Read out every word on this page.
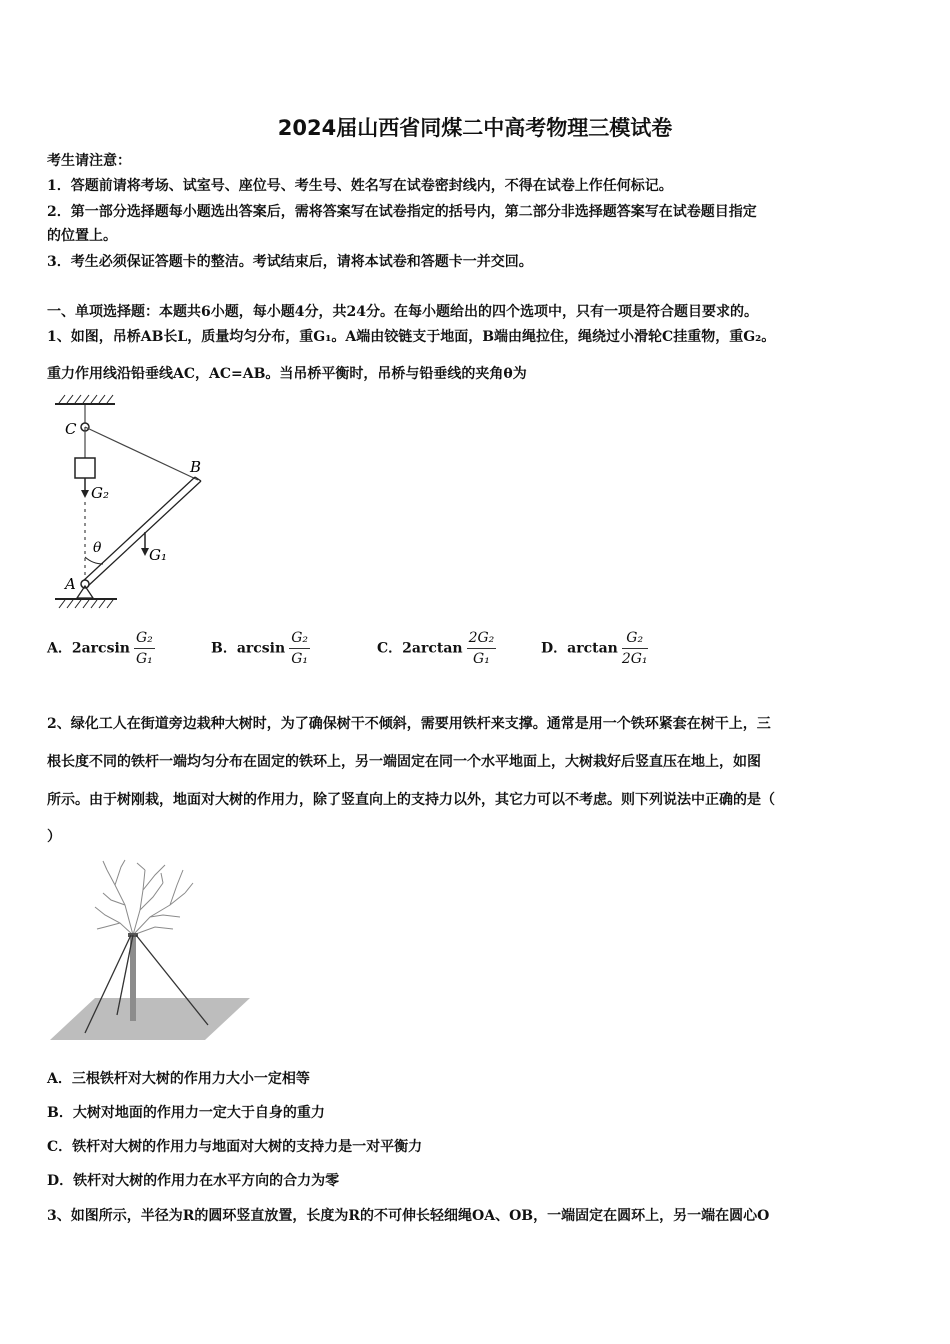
2024届山西省同煤二中高考物理三模试卷
考生请注意：
1．答题前请将考场、试室号、座位号、考生号、姓名写在试卷密封线内，不得在试卷上作任何标记。
2．第一部分选择题每小题选出答案后，需将答案写在试卷指定的括号内，第二部分非选择题答案写在试卷题目指定
的位置上。
3．考生必须保证答题卡的整洁。考试结束后，请将本试卷和答题卡一并交回。
一、单项选择题：本题共6小题，每小题4分，共24分。在每小题给出的四个选项中，只有一项是符合题目要求的。
1、如图，吊桥AB长L，质量均匀分布，重G₁。A端由铰链支于地面，B端由绳拉住，绳绕过小滑轮C挂重物，重G₂。
重力作用线沿铅垂线AC，AC=AB。当吊桥平衡时，吊桥与铅垂线的夹角θ为
C
B
G₂
θ	G₁
A
A．$2\arcsin \frac{\text{G₂}}{\text{G₁}}$	B．$\arcsin \frac{\text{G₂}}{\text{G₁}}$	C．$2\arctan \frac{\text{2G₂}}{\text{G₁}}$	D．$\arctan \frac{\text{G₂}}{\text{2G₁}}$
2、绿化工人在街道旁边栽种大树时，为了确保树干不倾斜，需要用铁杆来支撑。通常是用一个铁环紧套在树干上，三
根长度不同的铁杆一端均匀分布在固定的铁环上，另一端固定在同一个水平地面上，大树栽好后竖直压在地上，如图
所示。由于树刚栽，地面对大树的作用力，除了竖直向上的支持力以外，其它力可以不考虑。则下列说法中正确的是（
）
A．三根铁杆对大树的作用力大小一定相等
B．大树对地面的作用力一定大于自身的重力
C．铁杆对大树的作用力与地面对大树的支持力是一对平衡力
D．铁杆对大树的作用力在水平方向的合力为零
3、如图所示，半径为R的圆环竖直放置，长度为R的不可伸长轻细绳OA、OB，一端固定在圆环上，另一端在圆心O
